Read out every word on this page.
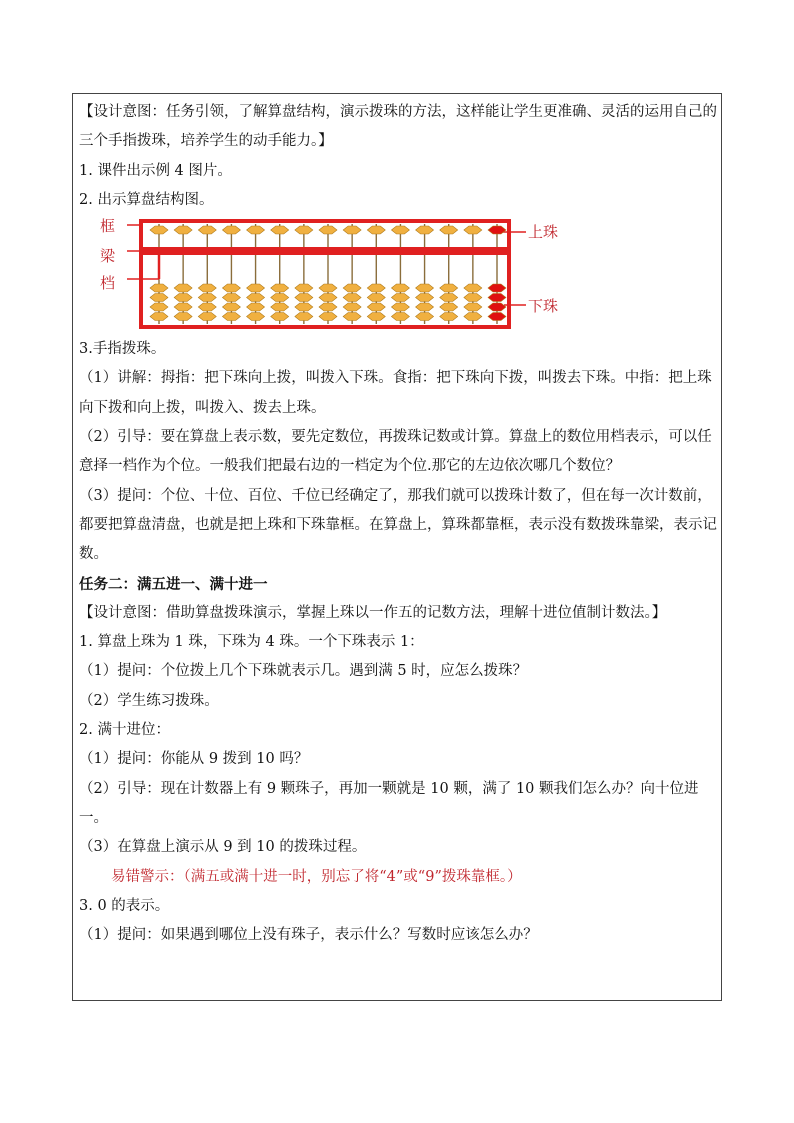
【设计意图：任务引领，了解算盘结构，演示拨珠的方法，这样能让学生更准确、灵活的运用自己的三个手指拨珠，培养学生的动手能力。】
1. 课件出示例 4 图片。
2. 出示算盘结构图。
框
梁
档
上珠
下珠
3.手指拨珠。
（1）讲解：拇指：把下珠向上拨，叫拨入下珠。食指：把下珠向下拨，叫拨去下珠。中指：把上珠向下拨和向上拨，叫拨入、拨去上珠。
（2）引导：要在算盘上表示数，要先定数位，再拨珠记数或计算。算盘上的数位用档表示，可以任意择一档作为个位。一般我们把最右边的一档定为个位.那它的左边依次哪几个数位？
（3）提问：个位、十位、百位、千位已经确定了，那我们就可以拨珠计数了，但在每一次计数前，都要把算盘清盘，也就是把上珠和下珠靠框。在算盘上，算珠都靠框，表示没有数拨珠靠梁，表示记数。
任务二：满五进一、满十进一
【设计意图：借助算盘拨珠演示，掌握上珠以一作五的记数方法，理解十进位值制计数法。】
1. 算盘上珠为 1 珠，下珠为 4 珠。一个下珠表示 1：
（1）提问：个位拨上几个下珠就表示几。遇到满 5 时，应怎么拨珠？
（2）学生练习拨珠。
2. 满十进位：
（1）提问：你能从 9 拨到 10 吗？
（2）引导：现在计数器上有 9 颗珠子，再加一颗就是 10 颗，满了 10 颗我们怎么办？向十位进一。
（3）在算盘上演示从 9 到 10 的拨珠过程。
易错警示：（满五或满十进一时，别忘了将“4”或“9”拨珠靠框。）
3. 0 的表示。
（1）提问：如果遇到哪位上没有珠子，表示什么？写数时应该怎么办？
